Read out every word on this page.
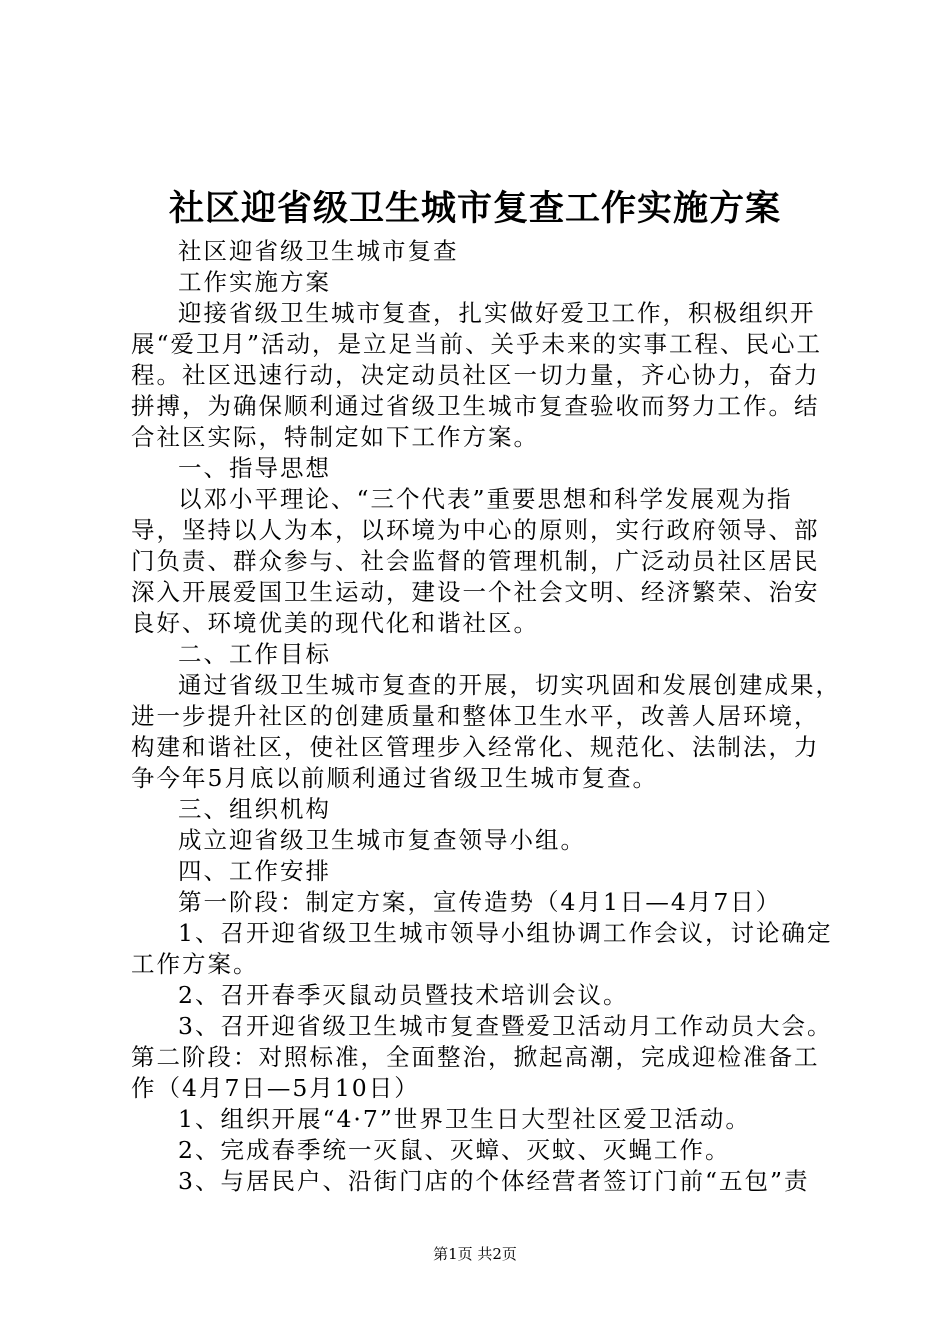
社区迎省级卫生城市复查工作实施方案

社区迎省级卫生城市复查

工作实施方案

迎接省级卫生城市复查，扎实做好爱卫工作，积极组织开展“爱卫月”活动，是立足当前、关乎未来的实事工程、民心工程。社区迅速行动，决定动员社区一切力量，齐心协力，奋力拼搏，为确保顺利通过省级卫生城市复查验收而努力工作。结合社区实际，特制定如下工作方案。

一、指导思想

以邓小平理论、“三个代表”重要思想和科学发展观为指导，坚持以人为本，以环境为中心的原则，实行政府领导、部门负责、群众参与、社会监督的管理机制，广泛动员社区居民深入开展爱国卫生运动，建设一个社会文明、经济繁荣、治安良好、环境优美的现代化和谐社区。

二、工作目标

通过省级卫生城市复查的开展，切实巩固和发展创建成果，进一步提升社区的创建质量和整体卫生水平，改善人居环境，构建和谐社区，使社区管理步入经常化、规范化、法制法，力争今年5月底以前顺利通过省级卫生城市复查。

三、组织机构

成立迎省级卫生城市复查领导小组。

四、工作安排

第一阶段：制定方案，宣传造势（4月1日—4月7日）

1、召开迎省级卫生城市领导小组协调工作会议，讨论确定工作方案。

2、召开春季灭鼠动员暨技术培训会议。

3、召开迎省级卫生城市复查暨爱卫活动月工作动员大会。

第二阶段：对照标准，全面整治，掀起高潮，完成迎检准备工作（4月7日—5月10日）

1、组织开展“4·7”世界卫生日大型社区爱卫活动。

2、完成春季统一灭鼠、灭蟑、灭蚊、灭蝇工作。

3、与居民户、沿街门店的个体经营者签订门前“五包”责

第1页 共2页
